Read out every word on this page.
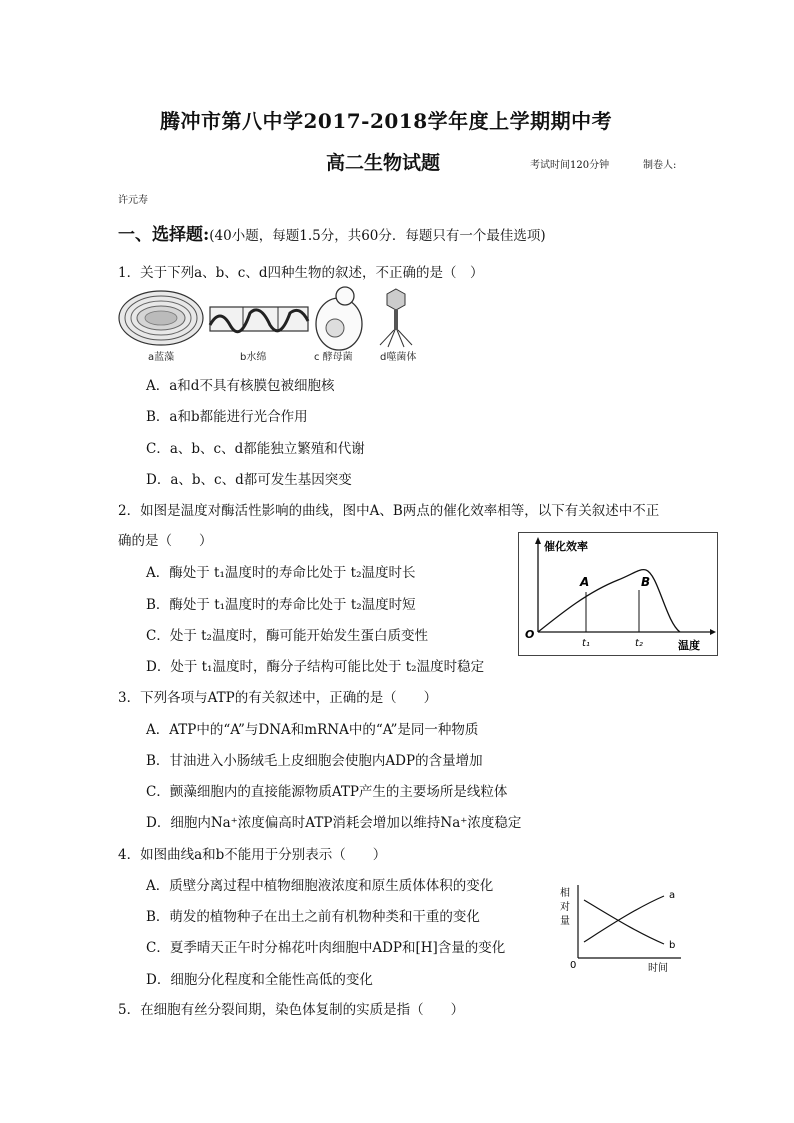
腾冲市第八中学2017-2018学年度上学期期中考
高二生物试题	考试时间120分钟	制卷人:
许元寿
一、选择题:(40小题，每题1.5分，共60分．每题只有一个最佳选项)
1．关于下列a、b、c、d四种生物的叙述，不正确的是（　）
a蓝藻	b水绵	c 酵母菌	d噬菌体
A．a和d不具有核膜包被细胞核
B．a和b都能进行光合作用
C．a、b、c、d都能独立繁殖和代谢
D．a、b、c、d都可发生基因突变
2．如图是温度对酶活性影响的曲线，图中A、B两点的催化效率相等，以下有关叙述中不正
确的是（　　）
A．酶处于 t₁温度时的寿命比处于 t₂温度时长
B．酶处于 t₁温度时的寿命比处于 t₂温度时短
C．处于 t₂温度时，酶可能开始发生蛋白质变性
D．处于 t₁温度时，酶分子结构可能比处于 t₂温度时稳定
催化效率
A	B
O
t₁	t₂	温度
3．下列各项与ATP的有关叙述中，正确的是（　　）
A．ATP中的“A”与DNA和mRNA中的“A”是同一种物质
B．甘油进入小肠绒毛上皮细胞会使胞内ADP的含量增加
C．颤藻细胞内的直接能源物质ATP产生的主要场所是线粒体
D．细胞内Na⁺浓度偏高时ATP消耗会增加以维持Na⁺浓度稳定
4．如图曲线a和b不能用于分别表示（　　）
A．质壁分离过程中植物细胞液浓度和原生质体体积的变化
B．萌发的植物种子在出土之前有机物种类和干重的变化
C．夏季晴天正午时分棉花叶肉细胞中ADP和[H]含量的变化
D．细胞分化程度和全能性高低的变化
相
对
量
a
b
0	时间
5．在细胞有丝分裂间期，染色体复制的实质是指（　　）
